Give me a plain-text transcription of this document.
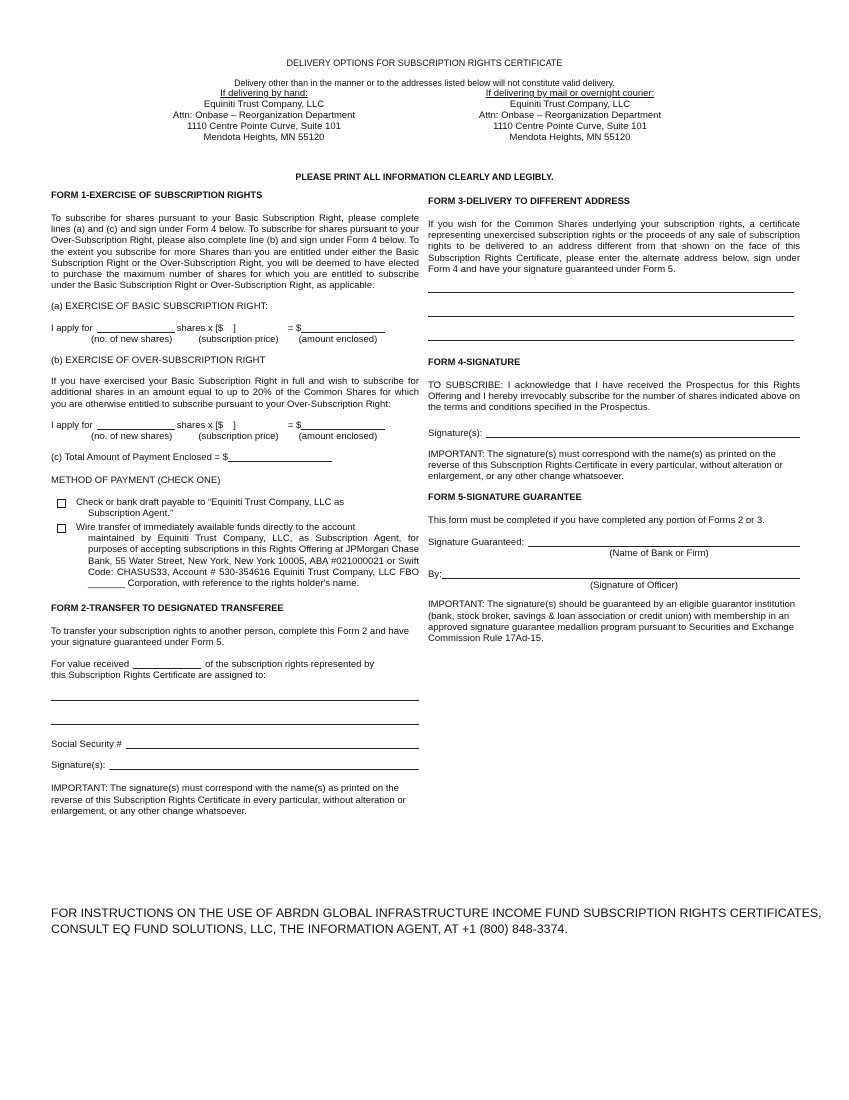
DELIVERY OPTIONS FOR SUBSCRIPTION RIGHTS CERTIFICATE
Delivery other than in the manner or to the addresses listed below will not constitute valid delivery.
If delivering by hand:
Equiniti Trust Company, LLC
Attn: Onbase – Reorganization Department
1110 Centre Pointe Curve, Suite 101
Mendota Heights, MN 55120
If delivering by mail or overnight courier:
Equiniti Trust Company, LLC
Attn: Onbase – Reorganization Department
1110 Centre Pointe Curve, Suite 101
Mendota Heights, MN 55120
PLEASE PRINT ALL INFORMATION CLEARLY AND LEGIBLY.
FORM 1-EXERCISE OF SUBSCRIPTION RIGHTS

To subscribe for shares pursuant to your Basic Subscription Right, please complete lines (a) and (c) and sign under Form 4 below. To subscribe for shares pursuant to your Over-Subscription Right, please also complete line (b) and sign under Form 4 below. To the extent you subscribe for more Shares than you are entitled under either the Basic Subscription Right or the Over-Subscription Right, you will be deemed to have elected to purchase the maximum number of shares for which you are entitled to subscribe under the Basic Subscription Right or Over-Subscription Right, as applicable.

(a) EXERCISE OF BASIC SUBSCRIPTION RIGHT:

I apply for	shares x [$ ]	= $
(no. of new shares)	(subscription price) (amount enclosed)

(b) EXERCISE OF OVER-SUBSCRIPTION RIGHT

If you have exercised your Basic Subscription Right in full and wish to subscribe for additional shares in an amount equal to up to 20% of the Common Shares for which you are otherwise entitled to subscribe pursuant to your Over-Subscription Right:

I apply for	shares x [$ ]	= $
(no. of new shares)	(subscription price) (amount enclosed)
(c) Total Amount of Payment Enclosed = $

METHOD OF PAYMENT (CHECK ONE)

Check or bank draft payable to “Equiniti Trust Company, LLC as
Subscription Agent.”
Wire transfer of immediately available funds directly to the account
maintained by Equiniti Trust Company, LLC, as Subscription Agent, for purposes of accepting subscriptions in this Rights Offering at JPMorgan Chase Bank, 55 Water Street, New York, New York 10005, ABA #021000021 or Swift Code: CHASUS33, Account # 530-354616 Equiniti Trust Company, LLC FBO _______ Corporation, with reference to the rights holder's name.
FORM 2-TRANSFER TO DESIGNATED TRANSFEREE

To transfer your subscription rights to another person, complete this Form 2 and have your signature guaranteed under Form 5.

For value received	of the subscription rights represented by
this Subscription Rights Certificate are assigned to:
Social Security #
Signature(s):

IMPORTANT: The signature(s) must correspond with the name(s) as printed on the reverse of this Subscription Rights Certificate in every particular, without alteration or enlargement, or any other change whatsoever.

FORM 3-DELIVERY TO DIFFERENT ADDRESS

If you wish for the Common Shares underlying your subscription rights, a certificate representing unexercised subscription rights or the proceeds of any sale of subscription rights to be delivered to an address different from that shown on the face of this Subscription Rights Certificate, please enter the alternate address below, sign under Form 4 and have your signature guaranteed under Form 5.

FORM 4-SIGNATURE

TO SUBSCRIBE: I acknowledge that I have received the Prospectus for this Rights Offering and I hereby irrevocably subscribe for the number of shares indicated above on the terms and conditions specified in the Prospectus.

Signature(s):

IMPORTANT: The signature(s) must correspond with the name(s) as printed on the reverse of this Subscription Rights Certificate in every particular, without alteration or enlargement, or any other change whatsoever.

FORM 5-SIGNATURE GUARANTEE

This form must be completed if you have completed any portion of Forms 2 or 3.

Signature Guaranteed:
(Name of Bank or Firm)
By:
(Signature of Officer)

IMPORTANT: The signature(s) should be guaranteed by an eligible guarantor institution (bank, stock broker, savings & loan association or credit union) with membership in an approved signature guarantee medallion program pursuant to Securities and Exchange Commission Rule 17Ad-15.

FOR INSTRUCTIONS ON THE USE OF ABRDN GLOBAL INFRASTRUCTURE INCOME FUND SUBSCRIPTION RIGHTS CERTIFICATES, CONSULT EQ FUND SOLUTIONS, LLC, THE INFORMATION AGENT, AT +1 (800) 848-3374.
